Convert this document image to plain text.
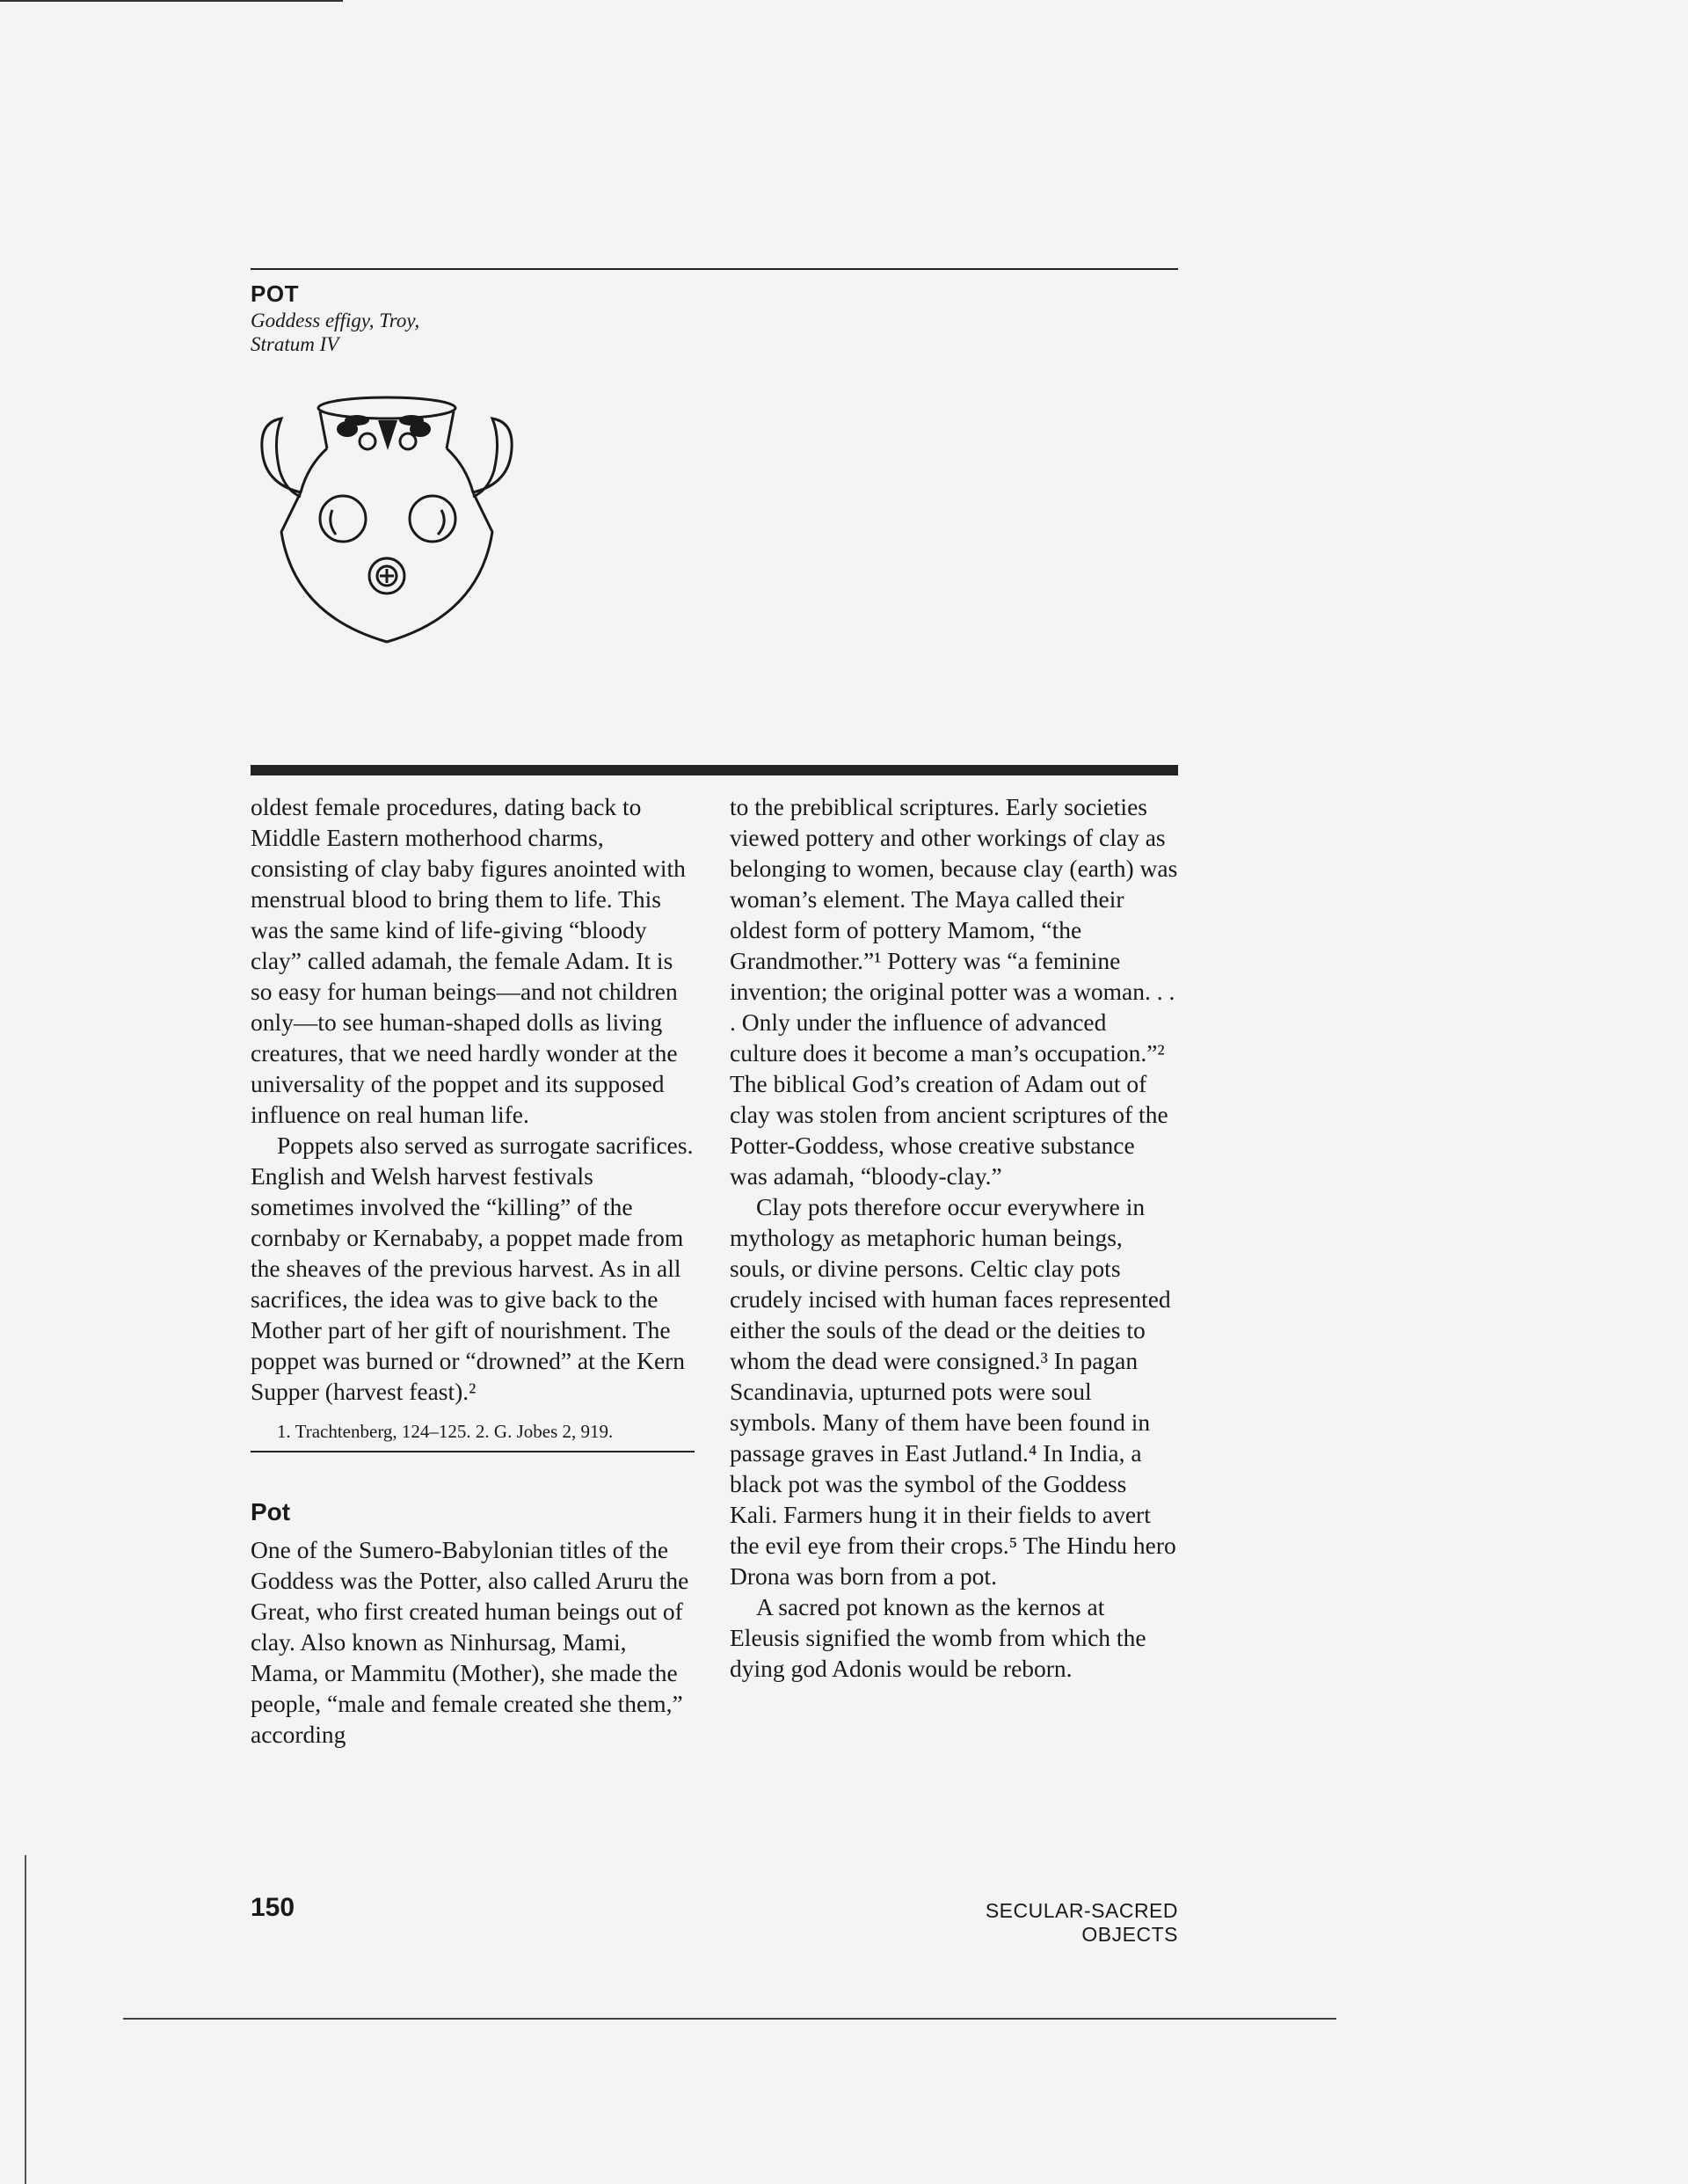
POT

Goddess effigy, Troy,
Stratum IV

oldest female procedures, dating back to Middle Eastern motherhood charms, consisting of clay baby figures anointed with menstrual blood to bring them to life. This was the same kind of life-giving “bloody clay” called adamah, the female Adam. It is so easy for human beings—and not children only—to see human-shaped dolls as living creatures, that we need hardly wonder at the universality of the poppet and its supposed influence on real human life.

Poppets also served as surrogate sacrifices. English and Welsh harvest festivals sometimes involved the “killing” of the cornbaby or Kernababy, a poppet made from the sheaves of the previous harvest. As in all sacrifices, the idea was to give back to the Mother part of her gift of nourishment. The poppet was burned or “drowned” at the Kern Supper (harvest feast).²

1. Trachtenberg, 124–125. 2. G. Jobes 2, 919.
Pot

One of the Sumero-Babylonian titles of the Goddess was the Potter, also called Aruru the Great, who first created human beings out of clay. Also known as Ninhursag, Mami, Mama, or Mammitu (Mother), she made the people, “male and female created she them,” according

to the prebiblical scriptures. Early societies viewed pottery and other workings of clay as belonging to women, because clay (earth) was woman’s element. The Maya called their oldest form of pottery Mamom, “the Grandmother.”¹ Pottery was “a feminine invention; the original potter was a woman. . . . Only under the influence of advanced culture does it become a man’s occupation.”² The biblical God’s creation of Adam out of clay was stolen from ancient scriptures of the Potter-Goddess, whose creative substance was adamah, “bloody-clay.”

Clay pots therefore occur everywhere in mythology as metaphoric human beings, souls, or divine persons. Celtic clay pots crudely incised with human faces represented either the souls of the dead or the deities to whom the dead were consigned.³ In pagan Scandinavia, upturned pots were soul symbols. Many of them have been found in passage graves in East Jutland.⁴ In India, a black pot was the symbol of the Goddess Kali. Farmers hung it in their fields to avert the evil eye from their crops.⁵ The Hindu hero Drona was born from a pot.

A sacred pot known as the kernos at Eleusis signified the womb from which the dying god Adonis would be reborn.

150	SECULAR-SACRED OBJECTS
